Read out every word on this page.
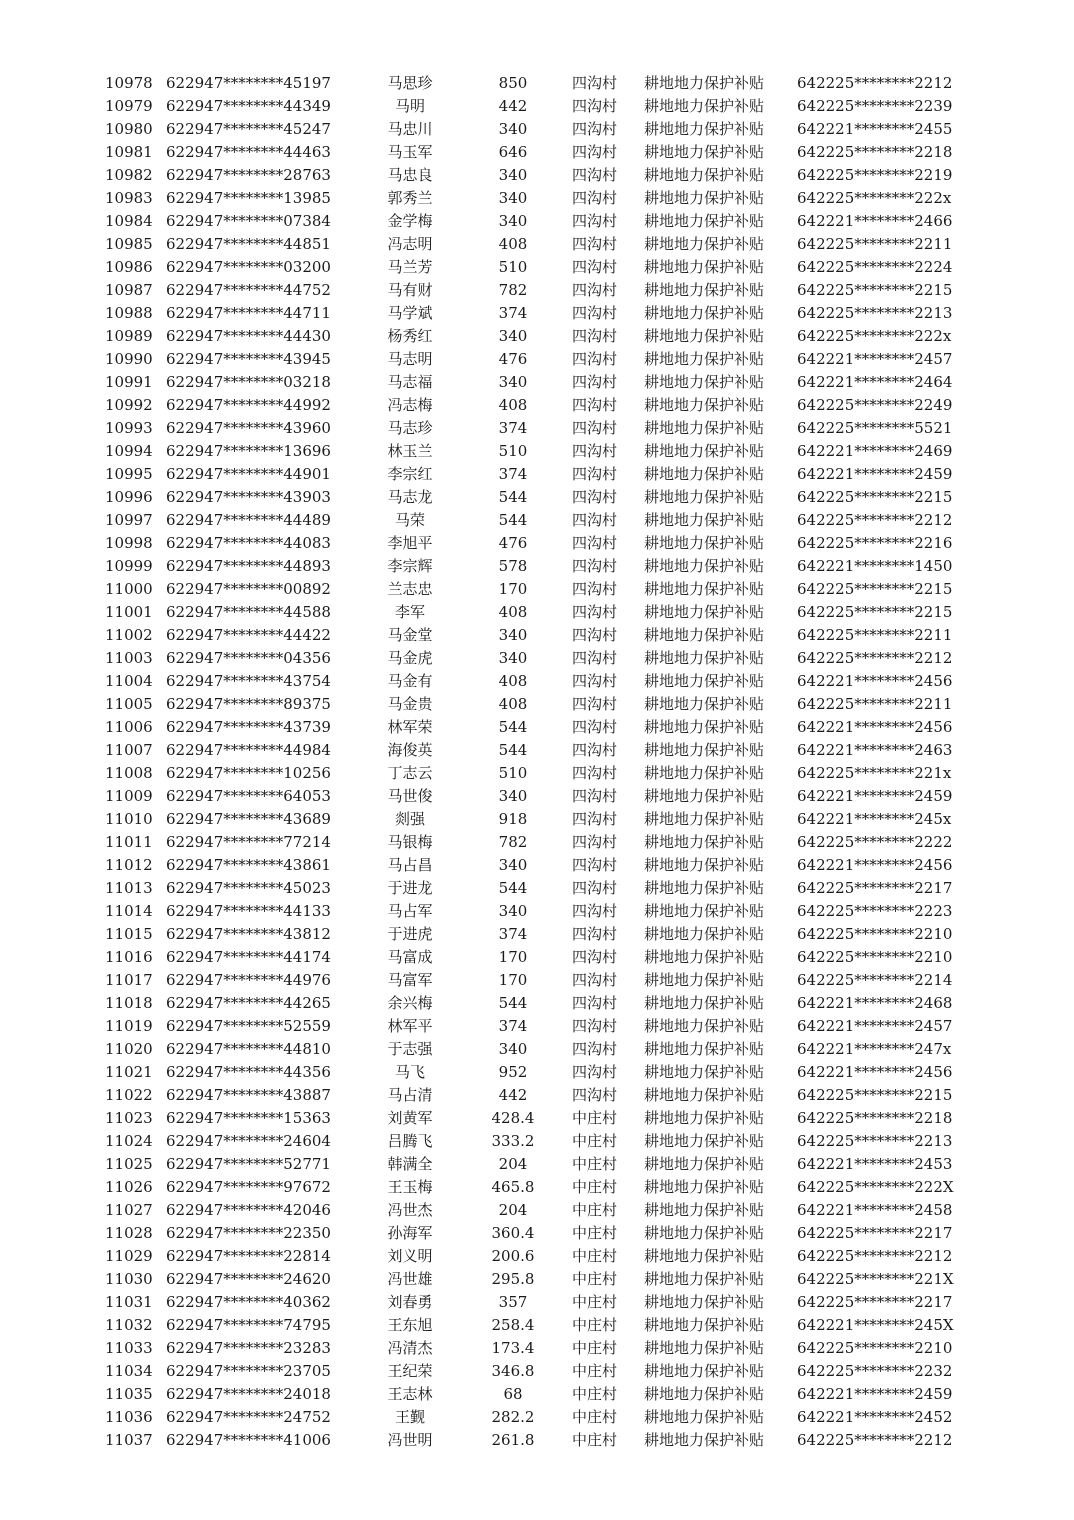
10978 622947********45197	马思珍	850	四沟村 耕地地力保护补贴 642225********2212
10979 622947********44349	马明	442	四沟村 耕地地力保护补贴 642225********2239
10980 622947********45247	马忠川	340	四沟村 耕地地力保护补贴 642221********2455
10981 622947********44463	马玉军	646	四沟村 耕地地力保护补贴 642225********2218
10982 622947********28763	马忠良	340	四沟村 耕地地力保护补贴 642225********2219
10983 622947********13985	郭秀兰	340	四沟村 耕地地力保护补贴 642225********222x
10984 622947********07384	金学梅	340	四沟村 耕地地力保护补贴 642221********2466
10985 622947********44851	冯志明	408	四沟村 耕地地力保护补贴 642225********2211
10986 622947********03200	马兰芳	510	四沟村 耕地地力保护补贴 642225********2224
10987 622947********44752	马有财	782	四沟村 耕地地力保护补贴 642225********2215
10988 622947********44711	马学斌	374	四沟村 耕地地力保护补贴 642225********2213
10989 622947********44430	杨秀红	340	四沟村 耕地地力保护补贴 642225********222x
10990 622947********43945	马志明	476	四沟村 耕地地力保护补贴 642221********2457
10991 622947********03218	马志福	340	四沟村 耕地地力保护补贴 642221********2464
10992 622947********44992	冯志梅	408	四沟村 耕地地力保护补贴 642225********2249
10993 622947********43960	马志珍	374	四沟村 耕地地力保护补贴 642225********5521
10994 622947********13696	林玉兰	510	四沟村 耕地地力保护补贴 642221********2469
10995 622947********44901	李宗红	374	四沟村 耕地地力保护补贴 642221********2459
10996 622947********43903	马志龙	544	四沟村 耕地地力保护补贴 642225********2215
10997 622947********44489	马荣	544	四沟村 耕地地力保护补贴 642225********2212
10998 622947********44083	李旭平	476	四沟村 耕地地力保护补贴 642225********2216
10999 622947********44893	李宗辉	578	四沟村 耕地地力保护补贴 642221********1450
11000 622947********00892	兰志忠	170	四沟村 耕地地力保护补贴 642225********2215
11001 622947********44588	李军	408	四沟村 耕地地力保护补贴 642225********2215
11002 622947********44422	马金堂	340	四沟村 耕地地力保护补贴 642225********2211
11003 622947********04356	马金虎	340	四沟村 耕地地力保护补贴 642225********2212
11004 622947********43754	马金有	408	四沟村 耕地地力保护补贴 642221********2456
11005 622947********89375	马金贵	408	四沟村 耕地地力保护补贴 642225********2211
11006 622947********43739	林军荣	544	四沟村 耕地地力保护补贴 642221********2456
11007 622947********44984	海俊英	544	四沟村 耕地地力保护补贴 642221********2463
11008 622947********10256	丁志云	510	四沟村 耕地地力保护补贴 642225********221x
11009 622947********64053	马世俊	340	四沟村 耕地地力保护补贴 642221********2459
11010 622947********43689	剡强	918	四沟村 耕地地力保护补贴 642221********245x
11011 622947********77214	马银梅	782	四沟村 耕地地力保护补贴 642225********2222
11012 622947********43861	马占昌	340	四沟村 耕地地力保护补贴 642221********2456
11013 622947********45023	于进龙	544	四沟村 耕地地力保护补贴 642225********2217
11014 622947********44133	马占军	340	四沟村 耕地地力保护补贴 642225********2223
11015 622947********43812	于进虎	374	四沟村 耕地地力保护补贴 642225********2210
11016 622947********44174	马富成	170	四沟村 耕地地力保护补贴 642225********2210
11017 622947********44976	马富军	170	四沟村 耕地地力保护补贴 642225********2214
11018 622947********44265	余兴梅	544	四沟村 耕地地力保护补贴 642221********2468
11019 622947********52559	林军平	374	四沟村 耕地地力保护补贴 642221********2457
11020 622947********44810	于志强	340	四沟村 耕地地力保护补贴 642221********247x
11021 622947********44356	马飞	952	四沟村 耕地地力保护补贴 642221********2456
11022 622947********43887	马占清	442	四沟村 耕地地力保护补贴 642225********2215
11023 622947********15363	刘黄军	428.4	中庄村 耕地地力保护补贴 642225********2218
11024 622947********24604	吕腾飞	333.2	中庄村 耕地地力保护补贴 642225********2213
11025 622947********52771	韩满全	204	中庄村 耕地地力保护补贴 642221********2453
11026 622947********97672	王玉梅	465.8	中庄村 耕地地力保护补贴 642225********222X
11027 622947********42046	冯世杰	204	中庄村 耕地地力保护补贴 642221********2458
11028 622947********22350	孙海军	360.4	中庄村 耕地地力保护补贴 642225********2217
11029 622947********22814	刘义明	200.6	中庄村 耕地地力保护补贴 642225********2212
11030 622947********24620	冯世雄	295.8	中庄村 耕地地力保护补贴 642225********221X
11031 622947********40362	刘春勇	357	中庄村 耕地地力保护补贴 642225********2217
11032 622947********74795	王东旭	258.4	中庄村 耕地地力保护补贴 642221********245X
11033 622947********23283	冯清杰	173.4	中庄村 耕地地力保护补贴 642225********2210
11034 622947********23705	王纪荣	346.8	中庄村 耕地地力保护补贴 642225********2232
11035 622947********24018	王志林	68	中庄村 耕地地力保护补贴 642221********2459
11036 622947********24752	王觐	282.2	中庄村 耕地地力保护补贴 642221********2452
11037 622947********41006	冯世明	261.8	中庄村 耕地地力保护补贴 642225********2212
